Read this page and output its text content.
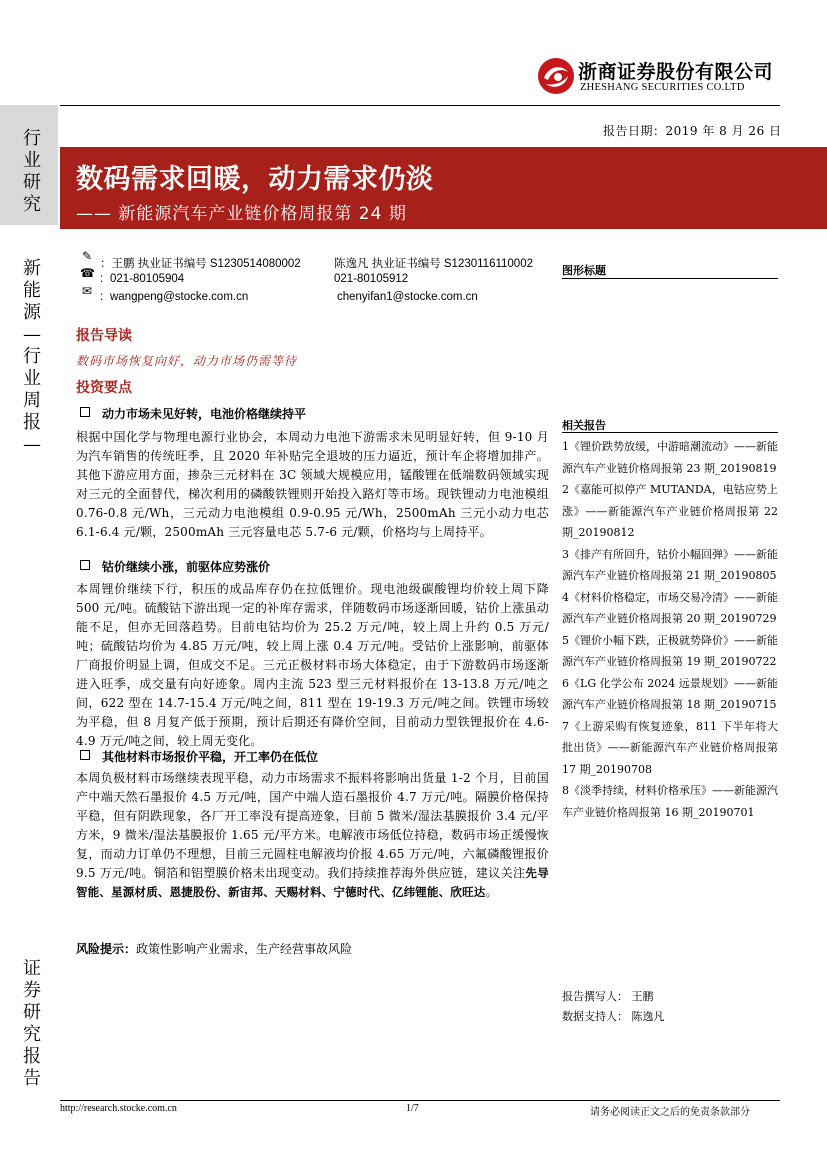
浙商证券股份有限公司
ZHESHANG SECURITIES CO.LTD
行业研究
新能源—行业周报—
证券研究报告
报告日期：2019 年 8 月 26 日
数码需求回暖，动力需求仍淡
—— 新能源汽车产业链价格周报第 24 期
✎
☎
✉
：王鹏 执业证书编号 S1230514080002	陈逸凡 执业证书编号 S1230116110002
: 021-80105904	021-80105912
: wangpeng@stocke.com.cn	chenyifan1@stocke.com.cn
报告导读
数码市场恢复向好，动力市场仍需等待
投资要点
动力市场未见好转，电池价格继续持平
根据中国化学与物理电源行业协会，本周动力电池下游需求未见明显好转，但 9-10 月为汽车销售的传统旺季，且 2020 年补贴完全退坡的压力逼近，预计车企将增加排产。其他下游应用方面，掺杂三元材料在 3C 领域大规模应用，锰酸锂在低端数码领域实现对三元的全面替代，梯次利用的磷酸铁锂则开始投入路灯等市场。现铁锂动力电池模组 0.76-0.8 元/Wh，三元动力电池模组 0.9-0.95 元/Wh，2500mAh 三元小动力电芯 6.1-6.4 元/颗，2500mAh 三元容量电芯 5.7-6 元/颗，价格均与上周持平。
钴价继续小涨，前驱体应势涨价
本周锂价继续下行，积压的成品库存仍在拉低锂价。现电池级碳酸锂均价较上周下降 500 元/吨。硫酸钴下游出现一定的补库存需求，伴随数码市场逐渐回暖，钴价上涨虽动能不足，但亦无回落趋势。目前电钴均价为 25.2 万元/吨，较上周上升约 0.5 万元/吨；硫酸钴均价为 4.85 万元/吨，较上周上涨 0.4 万元/吨。受钴价上涨影响，前驱体厂商报价明显上调，但成交不足。三元正极材料市场大体稳定，由于下游数码市场逐渐进入旺季，成交量有向好迹象。周内主流 523 型三元材料报价在 13-13.8 万元/吨之间，622 型在 14.7-15.4 万元/吨之间，811 型在 19-19.3 万元/吨之间。铁锂市场较为平稳，但 8 月复产低于预期，预计后期还有降价空间，目前动力型铁锂报价在 4.6-4.9 万元/吨之间，较上周无变化。
其他材料市场报价平稳，开工率仍在低位
本周负极材料市场继续表现平稳，动力市场需求不振料将影响出货量 1-2 个月，目前国产中端天然石墨报价 4.5 万元/吨，国产中端人造石墨报价 4.7 万元/吨。隔膜价格保持平稳，但有阴跌现象，各厂开工率没有提高迹象，目前 5 微米/湿法基膜报价 3.4 元/平方米，9 微米/湿法基膜报价 1.65 元/平方米。电解液市场低位持稳，数码市场正缓慢恢复，而动力订单仍不理想，目前三元圆柱电解液均价报 4.65 万元/吨，六氟磷酸锂报价 9.5 万元/吨。铜箔和铝塑膜价格未出现变动。我们持续推荐海外供应链，建议关注先导智能、星源材质、恩捷股份、新宙邦、天赐材料、宁德时代、亿纬锂能、欣旺达。
风险提示：政策性影响产业需求，生产经营事故风险
图形标题
相关报告
1《锂价跌势放缓，中游暗潮流动》——新能源汽车产业链价格周报第 23 期_20190819
2《嘉能可拟停产 MUTANDA，电钴应势上涨》——新能源汽车产业链价格周报第 22 期_20190812
3《排产有所回升，钴价小幅回弹》——新能源汽车产业链价格周报第 21 期_20190805
4《材料价格稳定，市场交易冷清》——新能源汽车产业链价格周报第 20 期_20190729
5《锂价小幅下跌，正极就势降价》——新能源汽车产业链价格周报第 19 期_20190722
6《LG 化学公布 2024 远景规划》——新能源汽车产业链价格周报第 18 期_20190715
7《上游采购有恢复迹象，811 下半年将大批出货》——新能源汽车产业链价格周报第 17 期_20190708
8《淡季持续，材料价格承压》——新能源汽车产业链价格周报第 16 期_20190701
报告撰写人： 王鹏
数据支持人： 陈逸凡
http://research.stocke.com.cn	1/7	请务必阅读正文之后的免责条款部分
